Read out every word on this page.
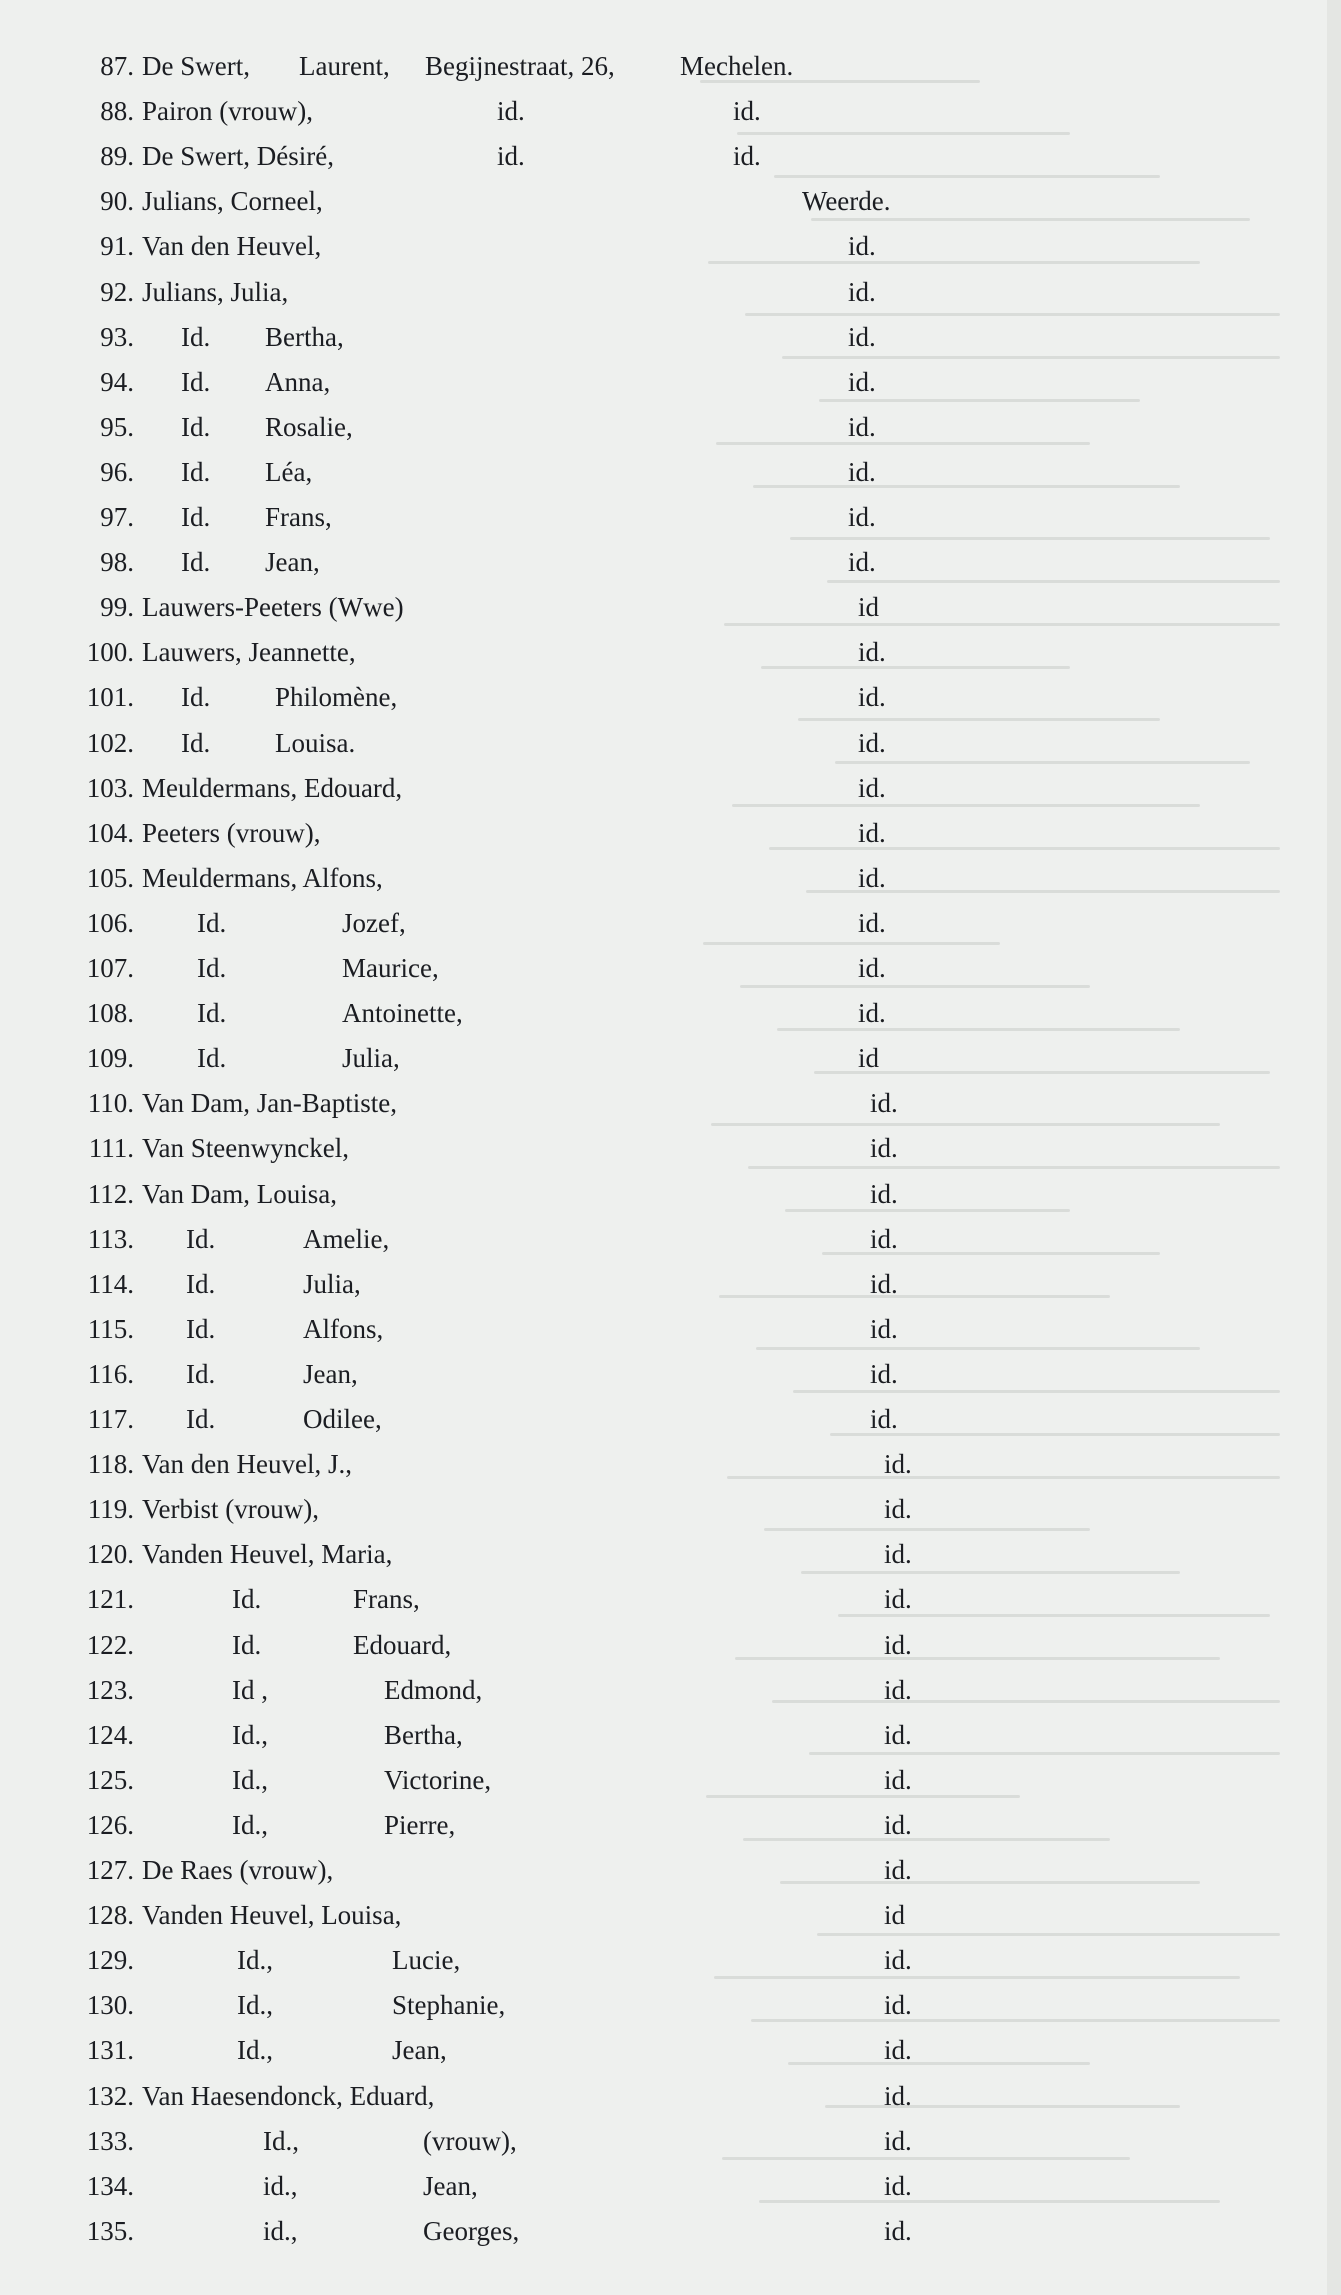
87. De Swert, Laurent, Begijnestraat, 26, Mechelen.
88. Pairon (vrouw),	id.	id.
89. De Swert, Désiré,	id.	id.
90. Julians, Corneel,	Weerde.
91. Van den Heuvel,	id.
92. Julians, Julia,	id.
93. Id. Bertha,	id.
94. Id. Anna,	id.
95. Id. Rosalie,	id.
96. Id. Léa,	id.
97. Id. Frans,	id.
98. Id. Jean,	id.
99. Lauwers-Peeters (Wwe)	id
100. Lauwers, Jeannette,	id.
101. Id. Philomène,	id.
102. Id. Louisa.	id.
103. Meuldermans, Edouard,	id.
104. Peeters (vrouw),	id.
105. Meuldermans, Alfons,	id.
106. Id.	Jozef,	id.
107. Id.	Maurice,	id.
108. Id.	Antoinette,	id.
109. Id.	Julia,	id
110. Van Dam, Jan-Baptiste,	id.
111. Van Steenwynckel,	id.
112. Van Dam, Louisa,	id.
113. Id.	Amelie,	id.
114. Id.	Julia,	id.
115. Id.	Alfons,	id.
116. Id.	Jean,	id.
117. Id.	Odilee,	id.
118. Van den Heuvel, J.,	id.
119. Verbist (vrouw),	id.
120. Vanden Heuvel, Maria,	id.
121.	Id.	Frans,	id.
122.	Id.	Edouard,	id.
123.	Id ,	Edmond,	id.
124.	Id.,	Bertha,	id.
125.	Id.,	Victorine,	id.
126.	Id.,	Pierre,	id.
127. De Raes (vrouw),	id.
128. Vanden Heuvel, Louisa,	id
129.	Id.,	Lucie,	id.
130.	Id.,	Stephanie,	id.
131.	Id.,	Jean,	id.
132. Van Haesendonck, Eduard,	id.
133.	Id.,	(vrouw),	id.
134.	id.,	Jean,	id.
135.	id.,	Georges,	id.
